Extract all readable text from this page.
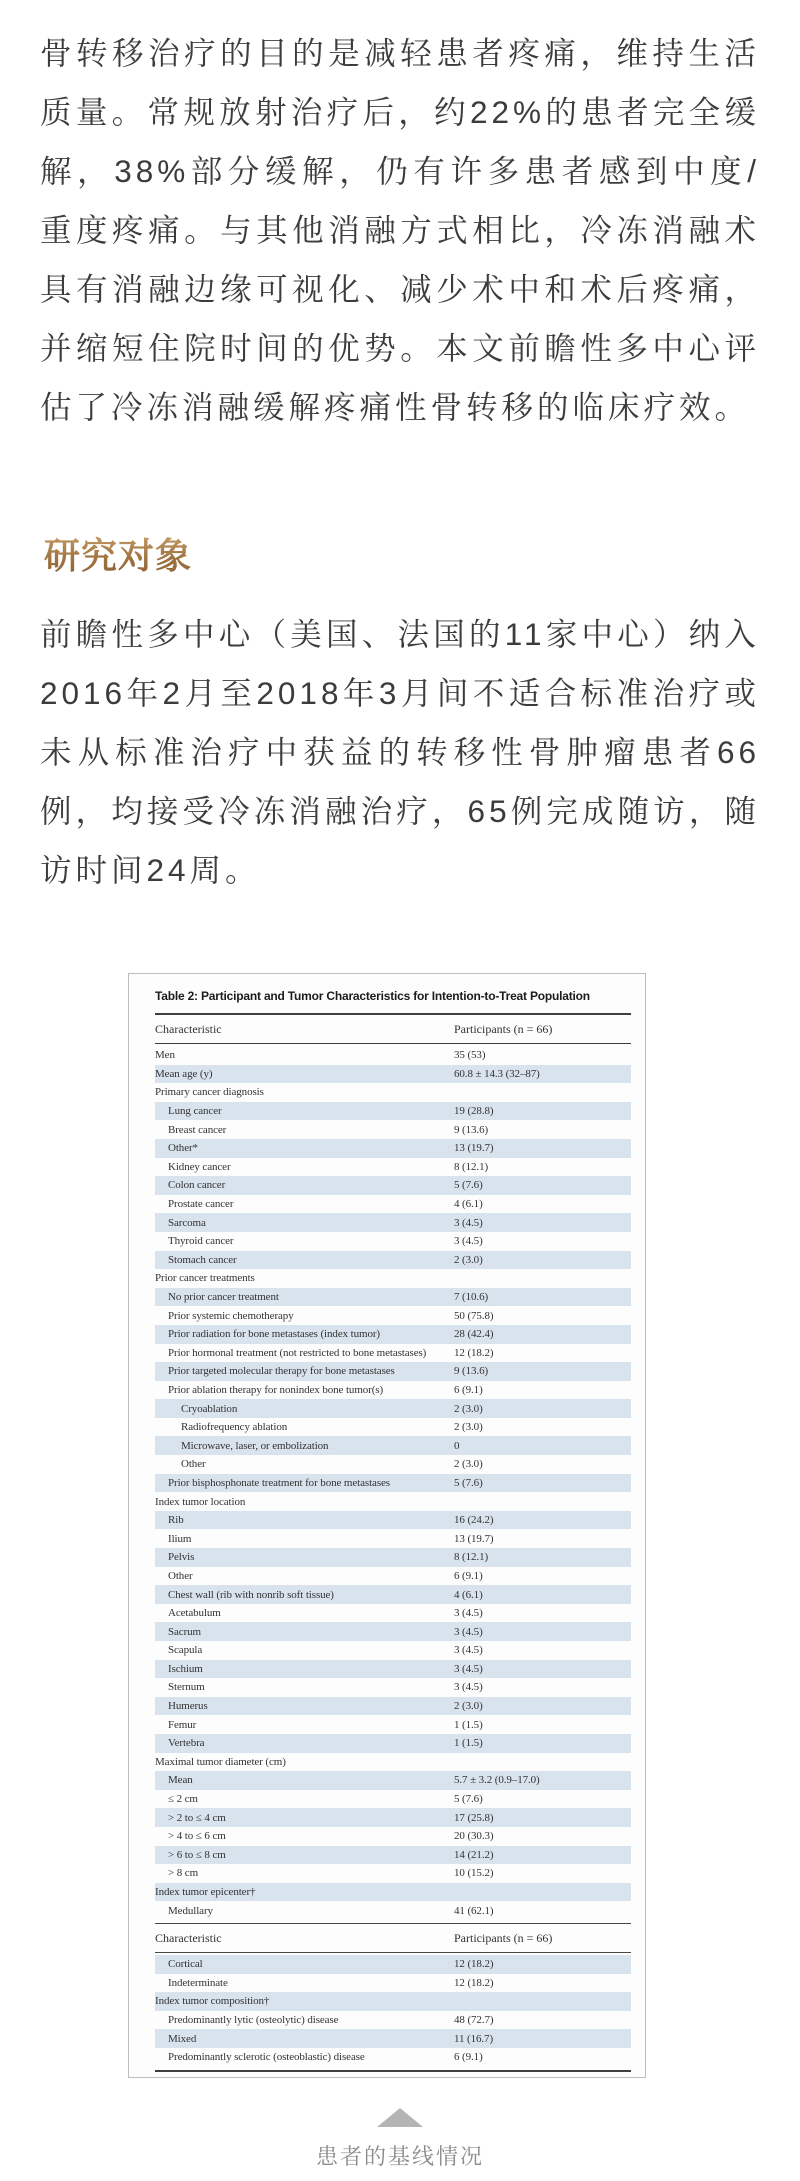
骨转移治疗的目的是减轻患者疼痛，维持生活质量。常规放射治疗后，约22%的患者完全缓解，38%部分缓解，仍有许多患者感到中度/重度疼痛。与其他消融方式相比，冷冻消融术具有消融边缘可视化、减少术中和术后疼痛，并缩短住院时间的优势。本文前瞻性多中心评估了冷冻消融缓解疼痛性骨转移的临床疗效。

研究对象

前瞻性多中心（美国、法国的11家中心）纳入2016年2月至2018年3月间不适合标准治疗或未从标准治疗中获益的转移性骨肿瘤患者66例，均接受冷冻消融治疗，65例完成随访，随访时间24周。

Table 2: Participant and Tumor Characteristics for Intention-to-Treat Population
Characteristic	Participants (n = 66)
Men	35 (53)
Mean age (y)	60.8 ± 14.3 (32–87)
Primary cancer diagnosis
Lung cancer	19 (28.8)
Breast cancer	9 (13.6)
Other*	13 (19.7)
Kidney cancer	8 (12.1)
Colon cancer	5 (7.6)
Prostate cancer	4 (6.1)
Sarcoma	3 (4.5)
Thyroid cancer	3 (4.5)
Stomach cancer	2 (3.0)
Prior cancer treatments
No prior cancer treatment	7 (10.6)
Prior systemic chemotherapy	50 (75.8)
Prior radiation for bone metastases (index tumor)	28 (42.4)
Prior hormonal treatment (not restricted to bone metastases)	12 (18.2)
Prior targeted molecular therapy for bone metastases	9 (13.6)
Prior ablation therapy for nonindex bone tumor(s)	6 (9.1)
Cryoablation	2 (3.0)
Radiofrequency ablation	2 (3.0)
Microwave, laser, or embolization	0
Other	2 (3.0)
Prior bisphosphonate treatment for bone metastases	5 (7.6)
Index tumor location
Rib	16 (24.2)
Ilium	13 (19.7)
Pelvis	8 (12.1)
Other	6 (9.1)
Chest wall (rib with nonrib soft tissue)	4 (6.1)
Acetabulum	3 (4.5)
Sacrum	3 (4.5)
Scapula	3 (4.5)
Ischium	3 (4.5)
Sternum	3 (4.5)
Humerus	2 (3.0)
Femur	1 (1.5)
Vertebra	1 (1.5)
Maximal tumor diameter (cm)
Mean	5.7 ± 3.2 (0.9–17.0)
≤ 2 cm	5 (7.6)
> 2 to ≤ 4 cm	17 (25.8)
> 4 to ≤ 6 cm	20 (30.3)
> 6 to ≤ 8 cm	14 (21.2)
> 8 cm	10 (15.2)
Index tumor epicenter†
Medullary	41 (62.1)
Characteristic	Participants (n = 66)
Cortical	12 (18.2)
Indeterminate	12 (18.2)
Index tumor composition†
Predominantly lytic (osteolytic) disease	48 (72.7)
Mixed	11 (16.7)
Predominantly sclerotic (osteoblastic) disease	6 (9.1)
患者的基线情况
